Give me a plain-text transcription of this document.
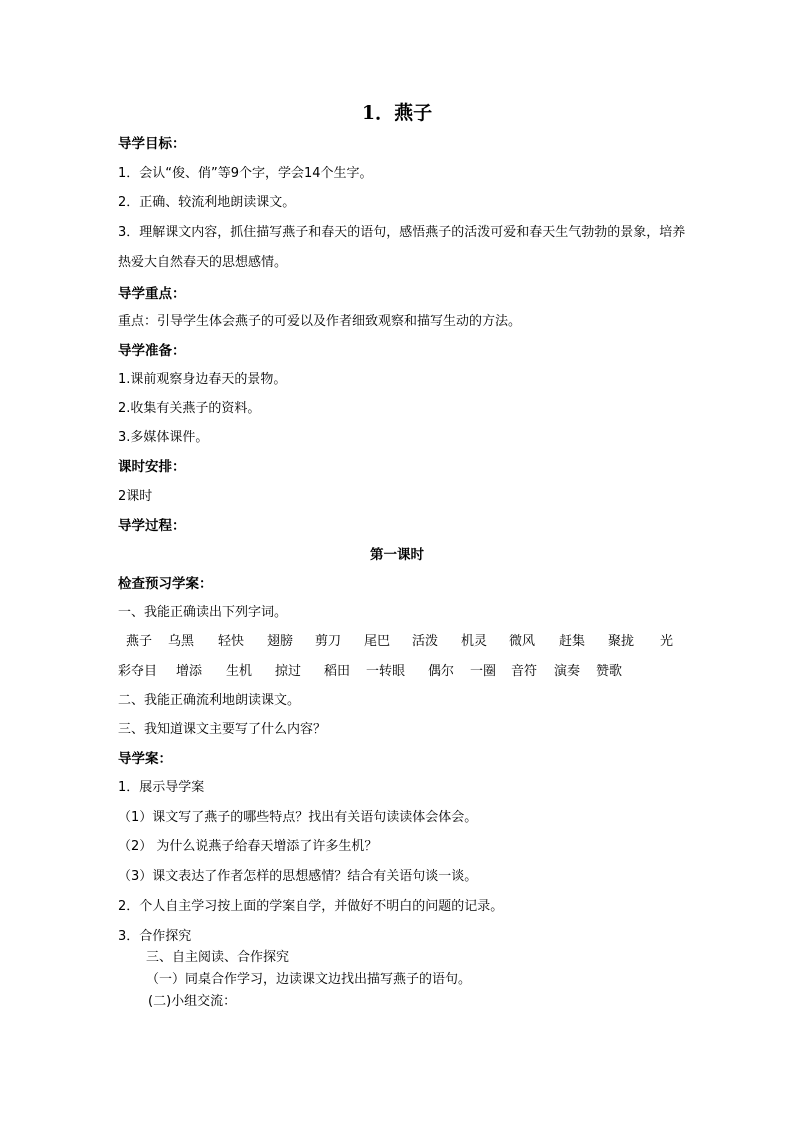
1．燕子
导学目标：
1．会认“俊、俏”等9个字，学会14个生字。
2．正确、较流利地朗读课文。
3．理解课文内容，抓住描写燕子和春天的语句，感悟燕子的活泼可爱和春天生气勃勃的景象，培养热爱大自然春天的思想感情。
导学重点：
重点：引导学生体会燕子的可爱以及作者细致观察和描写生动的方法。
导学准备：
1.课前观察身边春天的景物。
2.收集有关燕子的资料。
3.多媒体课件。
课时安排：
2课时
导学过程：
第一课时
检查预习学案：
一、我能正确读出下列字词。
燕子 乌黑 轻快 翅膀 剪刀 尾巴 活泼 机灵 微风 赶集 聚拢 光
彩夺目 增添 生机 掠过 稻田 一转眼 偶尔 一圈 音符 演奏 赞歌
二、我能正确流利地朗读课文。
三、我知道课文主要写了什么内容？
导学案：
1．展示导学案
（1）课文写了燕子的哪些特点？找出有关语句读读体会体会。
（2） 为什么说燕子给春天增添了许多生机？
（3）课文表达了作者怎样的思想感情？结合有关语句谈一谈。
2．个人自主学习按上面的学案自学，并做好不明白的问题的记录。
3．合作探究
三、自主阅读、合作探究
（一）同桌合作学习，边读课文边找出描写燕子的语句。
(二)小组交流：
